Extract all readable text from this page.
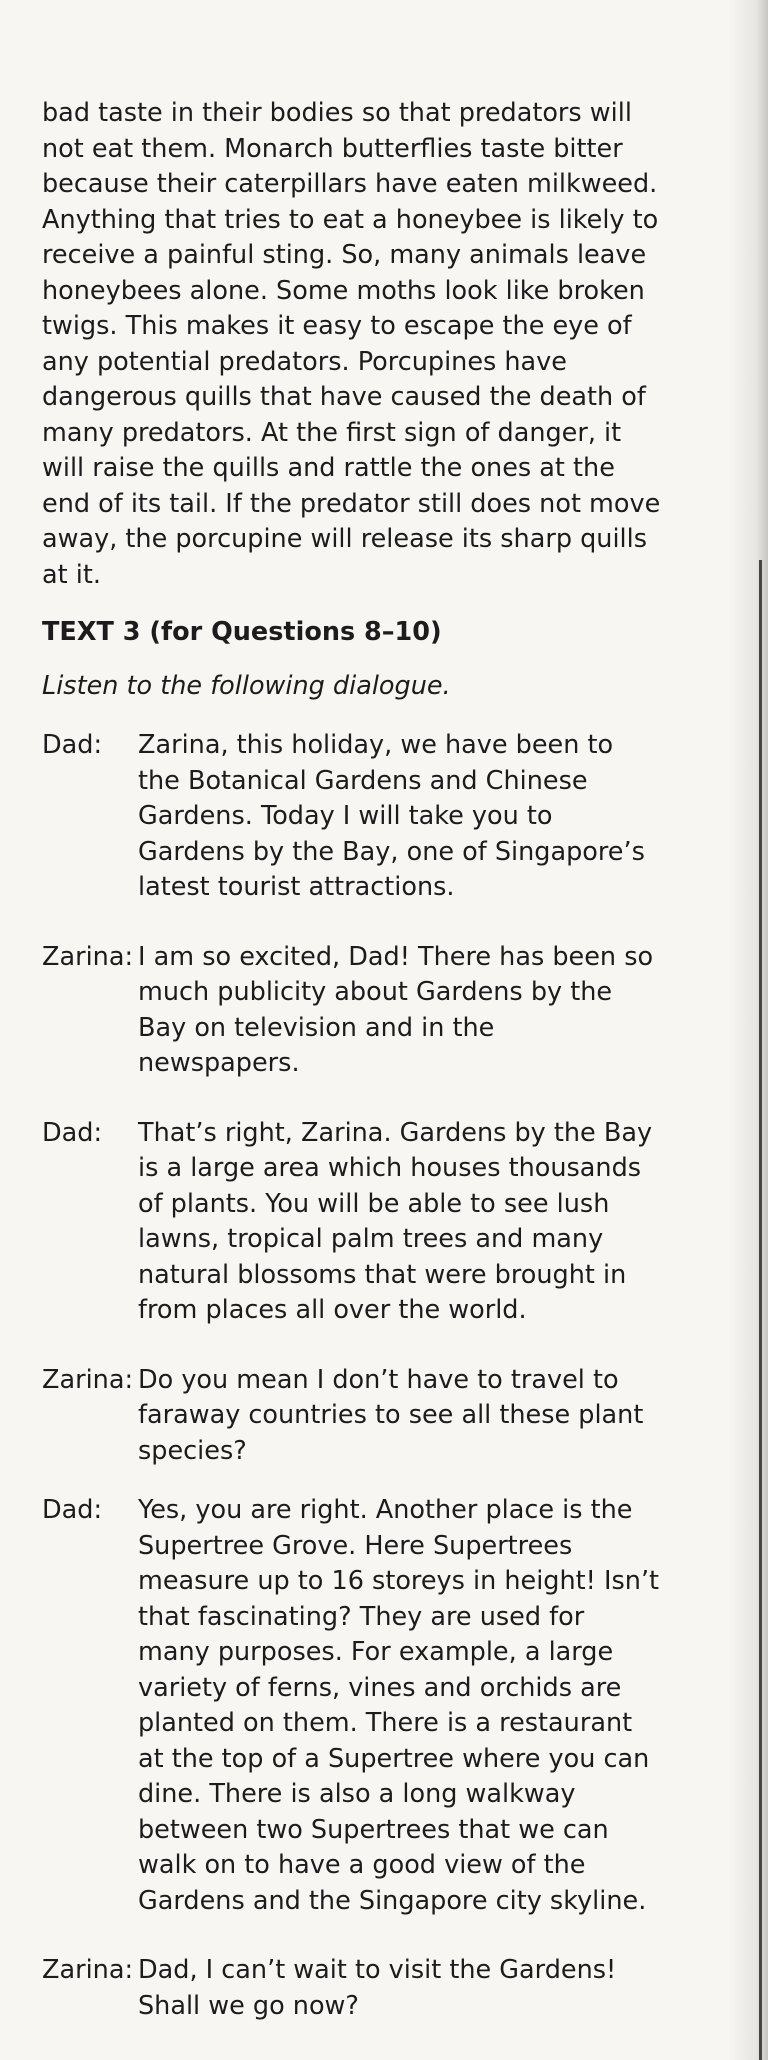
bad taste in their bodies so that predators will not eat them. Monarch butterflies taste bitter because their caterpillars have eaten milkweed. Anything that tries to eat a honeybee is likely to receive a painful sting. So, many animals leave honeybees alone. Some moths look like broken twigs. This makes it easy to escape the eye of any potential predators. Porcupines have dangerous quills that have caused the death of many predators. At the first sign of danger, it will raise the quills and rattle the ones at the end of its tail. If the predator still does not move away, the porcupine will release its sharp quills at it.

TEXT 3 (for Questions 8–10)

Listen to the following dialogue.

Dad:	Zarina, this holiday, we have been to the Botanical Gardens and Chinese Gardens. Today I will take you to Gardens by the Bay, one of Singapore’s latest tourist attractions.
Zarina: I am so excited, Dad! There has been so much publicity about Gardens by the Bay on television and in the newspapers.
Dad:	That’s right, Zarina. Gardens by the Bay is a large area which houses thousands of plants. You will be able to see lush lawns, tropical palm trees and many natural blossoms that were brought in from places all over the world.
Zarina: Do you mean I don’t have to travel to faraway countries to see all these plant species?
Dad:	Yes, you are right. Another place is the Supertree Grove. Here Supertrees measure up to 16 storeys in height! Isn’t that fascinating? They are used for many purposes. For example, a large variety of ferns, vines and orchids are planted on them. There is a restaurant at the top of a Supertree where you can dine. There is also a long walkway between two Supertrees that we can walk on to have a good view of the Gardens and the Singapore city skyline.
Zarina: Dad, I can’t wait to visit the Gardens! Shall we go now?
